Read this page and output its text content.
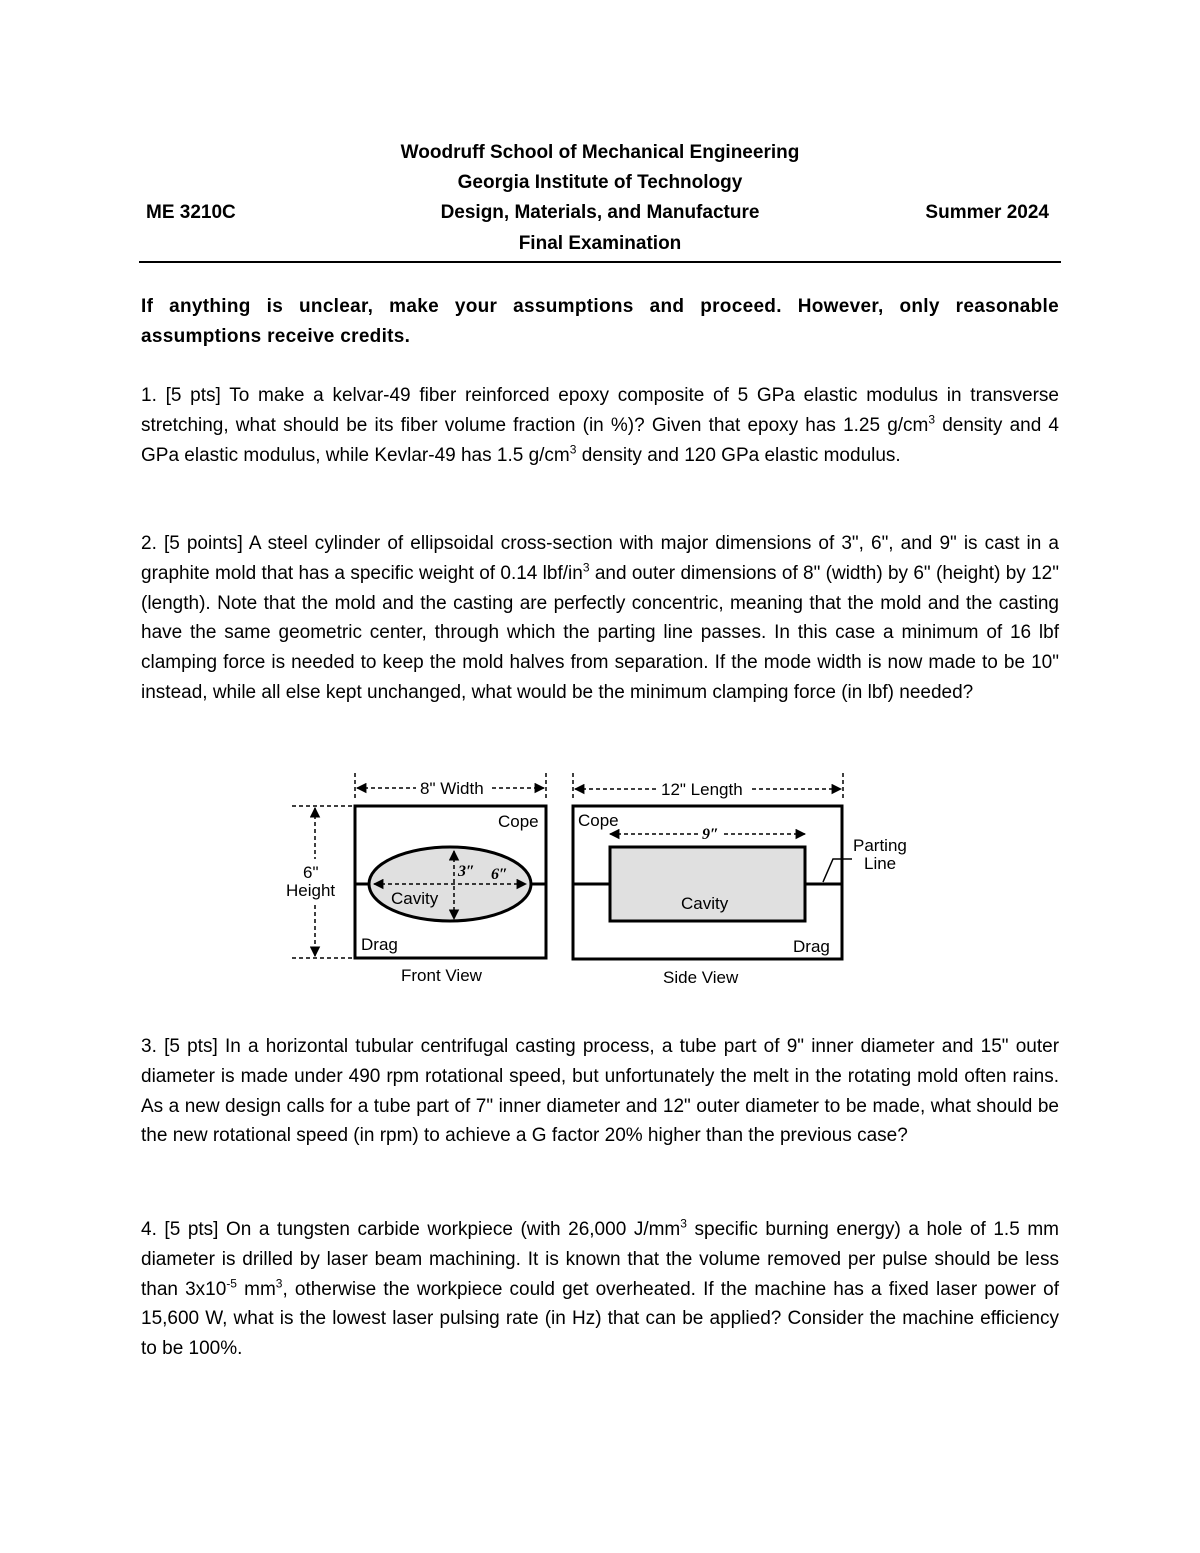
Woodruff School of Mechanical Engineering
Georgia Institute of Technology
ME 3210C	Design, Materials, and Manufacture	Summer 2024
Final Examination
If anything is unclear, make your assumptions and proceed. However, only reasonable assumptions receive credits.
1. [5 pts] To make a kelvar-49 fiber reinforced epoxy composite of 5 GPa elastic modulus in transverse stretching, what should be its fiber volume fraction (in %)? Given that epoxy has 1.25 $g/cm^3$ density and 4 GPa elastic modulus, while Kevlar-49 has 1.5 $g/cm^3$ density and 120 GPa elastic modulus.
2. [5 points] A steel cylinder of ellipsoidal cross-section with major dimensions of 3", 6", and 9" is cast in a graphite mold that has a specific weight of 0.14 lbf/$in^3$ and outer dimensions of 8" (width) by 6" (height) by 12" (length). Note that the mold and the casting are perfectly concentric, meaning that the mold and the casting have the same geometric center, through which the parting line passes. In this case a minimum of 16 lbf clamping force is needed to keep the mold halves from separation. If the mode width is now made to be 10" instead, while all else kept unchanged, what would be the minimum clamping force (in lbf) needed?
3″ 6″
Cavity
Cope
Drag
Front View
8" Width
6"
Height
9″
Cavity
Cope
Drag
Side View
12" Length
Parting
Line
3. [5 pts] In a horizontal tubular centrifugal casting process, a tube part of 9" inner diameter and 15" outer diameter is made under 490 rpm rotational speed, but unfortunately the melt in the rotating mold often rains. As a new design calls for a tube part of 7" inner diameter and 12" outer diameter to be made, what should be the new rotational speed (in rpm) to achieve a G factor 20% higher than the previous case?
4. [5 pts] On a tungsten carbide workpiece (with 26,000 $J/mm^3$ specific burning energy) a hole of 1.5 mm diameter is drilled by laser beam machining. It is known that the volume removed per pulse should be less than $3x10^{-5}$ $mm^3$, otherwise the workpiece could get overheated. If the machine has a fixed laser power of 15,600 W, what is the lowest laser pulsing rate (in Hz) that can be applied? Consider the machine efficiency to be 100%.
